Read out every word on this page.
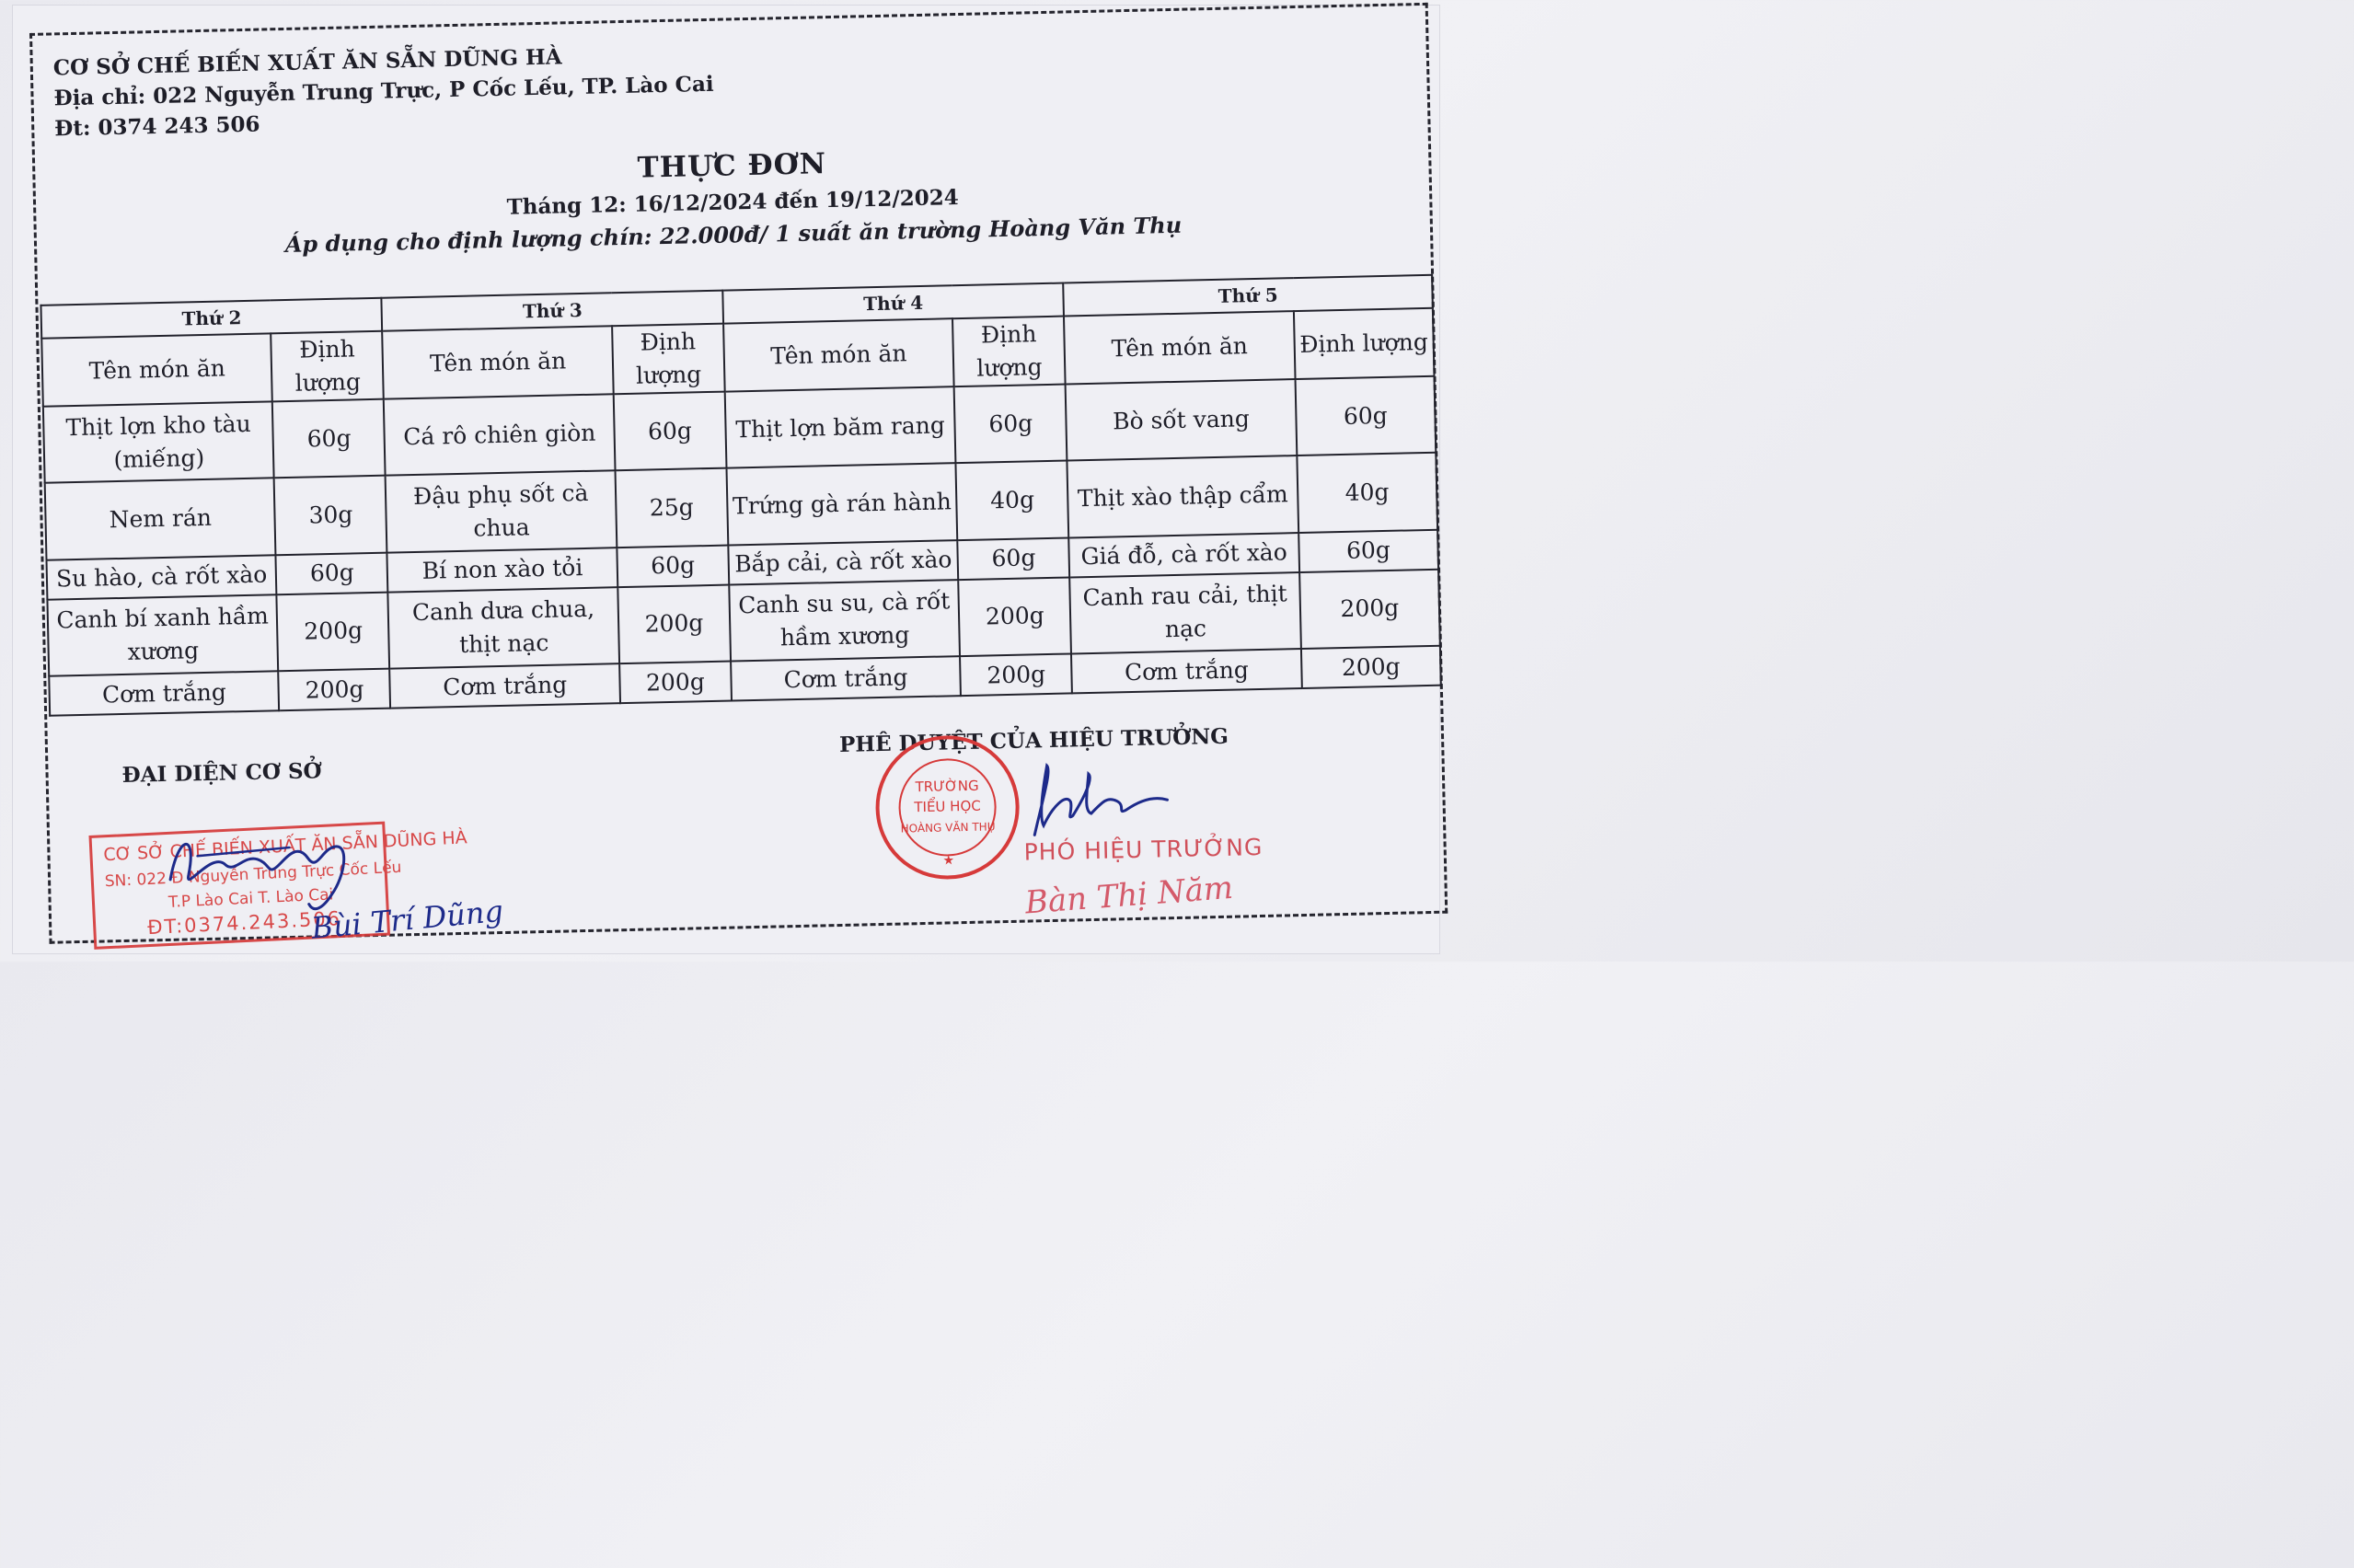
CƠ SỞ CHẾ BIẾN XUẤT ĂN SẴN DŨNG HÀ
Địa chỉ: 022 Nguyễn Trung Trực, P Cốc Lếu, TP. Lào Cai
Đt: 0374 243 506
THỰC ĐƠN
Tháng 12: 16/12/2024 đến 19/12/2024
Áp dụng cho định lượng chín: 22.000đ/ 1 suất ăn trường Hoàng Văn Thụ
Thứ 2		Thứ 3		Thứ 4		Thứ 5	
Tên món ăn	Định lượng	Tên món ăn	Định lượng	Tên món ăn	Định lượng	Tên món ăn	Định lượng
Thịt lợn kho tàu (miếng)	60g	Cá rô chiên giòn	60g	Thịt lợn băm rang	60g	Bò sốt vang	60g
Nem rán	30g	Đậu phụ sốt cà chua	25g	Trứng gà rán hành	40g	Thịt xào thập cẩm	40g
Su hào, cà rốt xào	60g	Bí non xào tỏi	60g	Bắp cải, cà rốt xào	60g	Giá đỗ, cà rốt xào	60g
Canh bí xanh hầm xương	200g	Canh dưa chua, thịt nạc	200g	Canh su su, cà rốt hầm xương	200g	Canh rau cải, thịt nạc	200g
Cơm trắng	200g	Cơm trắng	200g	Cơm trắng	200g	Cơm trắng	200g
ĐẠI DIỆN CƠ SỞ
PHÊ DUYỆT CỦA HIỆU TRƯỞNG
CƠ SỞ CHẾ BIẾN XUẤT ĂN SẴN DŨNG HÀ
SN: 022 Đ Nguyễn Trung Trực Cốc Lếu
T.P Lào Cai T. Lào Cai
ĐT:0374.243.506
Bùi Trí Dũng
TRƯỜNG
TIỂU HỌC
HOÀNG VĂN THỤ
★	PHÓ HIỆU TRƯỞNG
Bàn Thị Năm
